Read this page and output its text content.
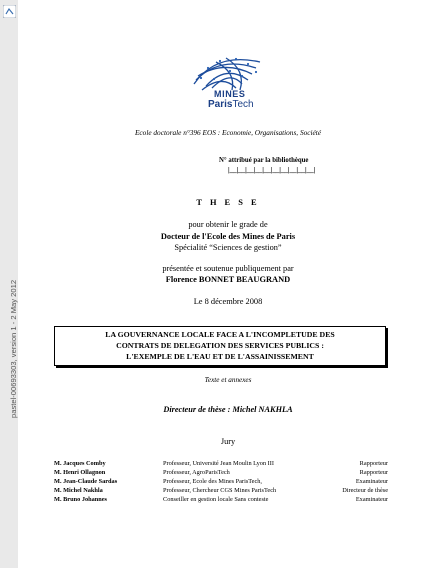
pastel-00693303, version 1 - 2 May 2012
MINES
ParisTech
Ecole doctorale n°396 EOS : Economie, Organisations, Société
N° attribué par la bibliothèque
|__|__|__|__|__|__|__|__|__|__|
T H E S E
pour obtenir le grade de
Docteur de l'Ecole des Mines de Paris
Spécialité “Sciences de gestion”
présentée et soutenue publiquement par
Florence BONNET BEAUGRAND
Le 8 décembre 2008
LA GOUVERNANCE LOCALE FACE A L'INCOMPLETUDE DES
CONTRATS DE DELEGATION DES SERVICES PUBLICS :
L'EXEMPLE DE L'EAU ET DE L'ASSAINISSEMENT
Texte et annexes
Directeur de thèse : Michel NAKHLA
Jury
M. Jacques Comby	Professeur, Université Jean Moulin Lyon III	Rapporteur
M. Henri Ollagnon	Professeur, AgroParisTech	Rapporteur
M. Jean-Claude Sardas	Professeur, Ecole des Mines ParisTech,	Examinateur
M. Michel Nakhla	Professeur, Chercheur CGS Mines ParisTech	Directeur de thèse
M. Bruno Johannes	Conseiller en gestion locale Sans conteste	Examinateur
